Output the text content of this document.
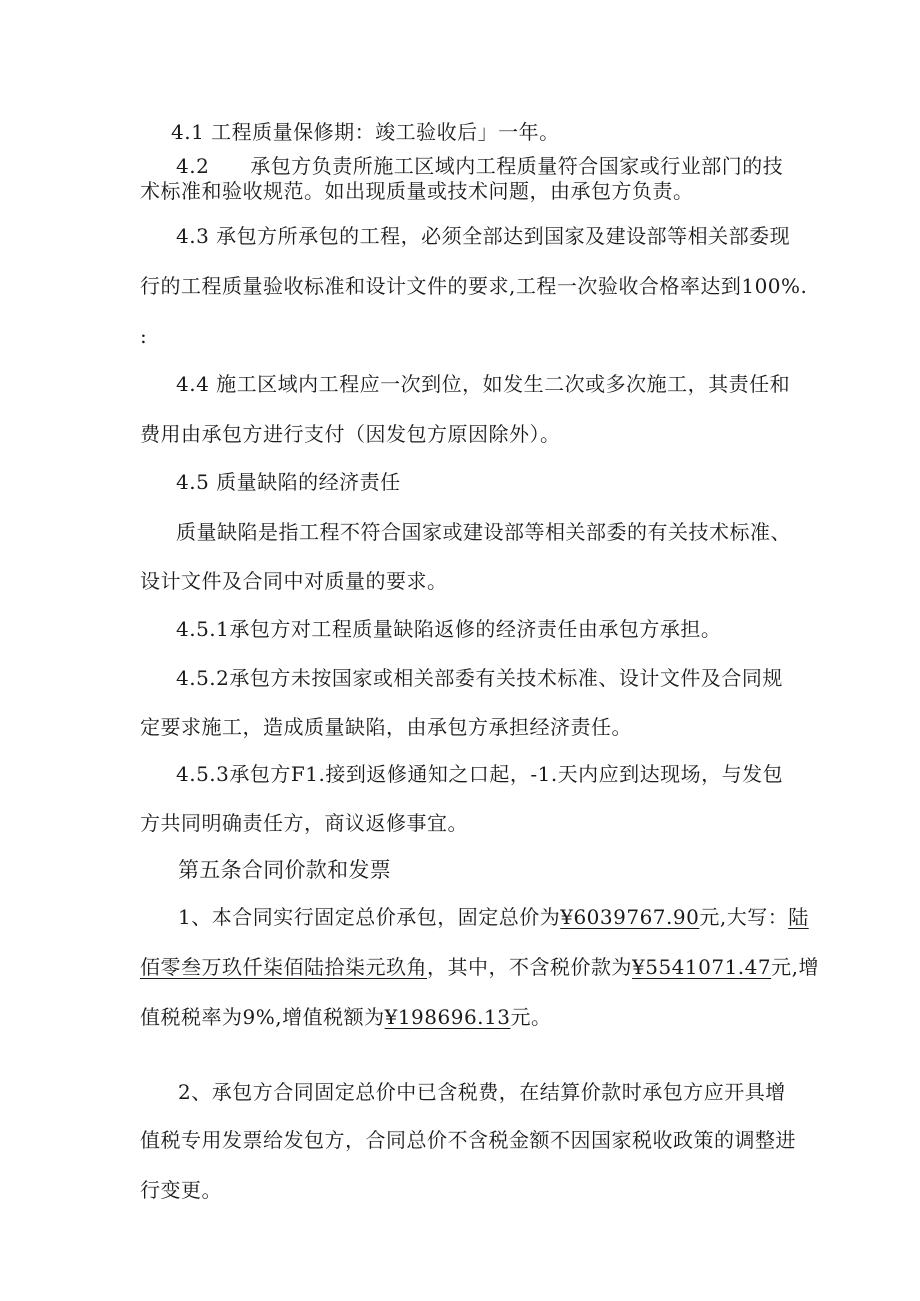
4.1 工程质量保修期：竣工验收后」一年。
4.2　　承包方负责所施工区域内工程质量符合国家或行业部门的技
术标准和验收规范。如出现质量或技术问题，由承包方负责。
4.3 承包方所承包的工程，必须全部达到国家及建设部等相关部委现
行的工程质量验收标准和设计文件的要求,工程一次验收合格率达到100%.
:
4.4 施工区域内工程应一次到位，如发生二次或多次施工，其责任和
费用由承包方进行支付（因发包方原因除外）。
4.5 质量缺陷的经济责任
质量缺陷是指工程不符合国家或建设部等相关部委的有关技术标准、
设计文件及合同中对质量的要求。
4.5.1承包方对工程质量缺陷返修的经济责任由承包方承担。
4.5.2承包方未按国家或相关部委有关技术标准、设计文件及合同规
定要求施工，造成质量缺陷，由承包方承担经济责任。
4.5.3承包方F1.接到返修通知之口起，-1.天内应到达现场，与发包
方共同明确责任方，商议返修事宜。
第五条合同价款和发票
1、本合同实行固定总价承包，固定总价为¥6039767.90元,大写：陆
佰零叁万玖仟柒佰陆拾柒元玖角，其中，不含税价款为¥5541071.47元,增
值税税率为9%,增值税额为¥198696.13元。
2、承包方合同固定总价中已含税费，在结算价款时承包方应开具增
值税专用发票给发包方，合同总价不含税金额不因国家税收政策的调整进
行变更。
